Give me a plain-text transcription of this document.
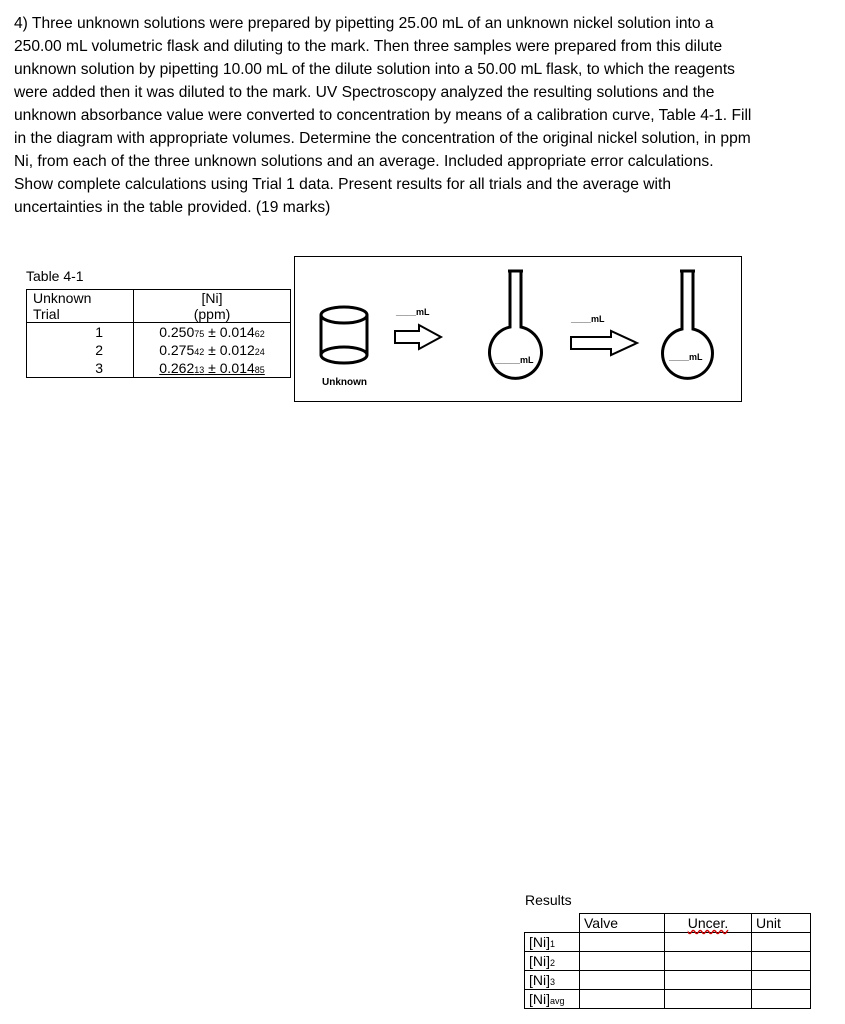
4) Three unknown solutions were prepared by pipetting 25.00 mL of an unknown nickel solution into a 250.00 mL volumetric flask and diluting to the mark. Then three samples were prepared from this dilute unknown solution by pipetting 10.00 mL of the dilute solution into a 50.00 mL flask, to which the reagents were added then it was diluted to the mark. UV Spectroscopy analyzed the resulting solutions and the unknown absorbance value were converted to concentration by means of a calibration curve, Table 4-1. Fill in the diagram with appropriate volumes. Determine the concentration of the original nickel solution, in ppm Ni, from each of the three unknown solutions and an average. Included appropriate error calculations. Show complete calculations using Trial 1 data. Present results for all trials and the average with uncertainties in the table provided. (19 marks)

Table 4-1
Unknown
Trial	[Ni]
(ppm)
1	0.25075 ± 0.01462
2	0.27542 ± 0.01224
3	0.26213 ± 0.01485
Unknown
____mL
_____mL
____mL
____mL
Results
	Valve	Uncer.	Unit
[Ni]1			
[Ni]2			
[Ni]3			
[Ni]avg			
